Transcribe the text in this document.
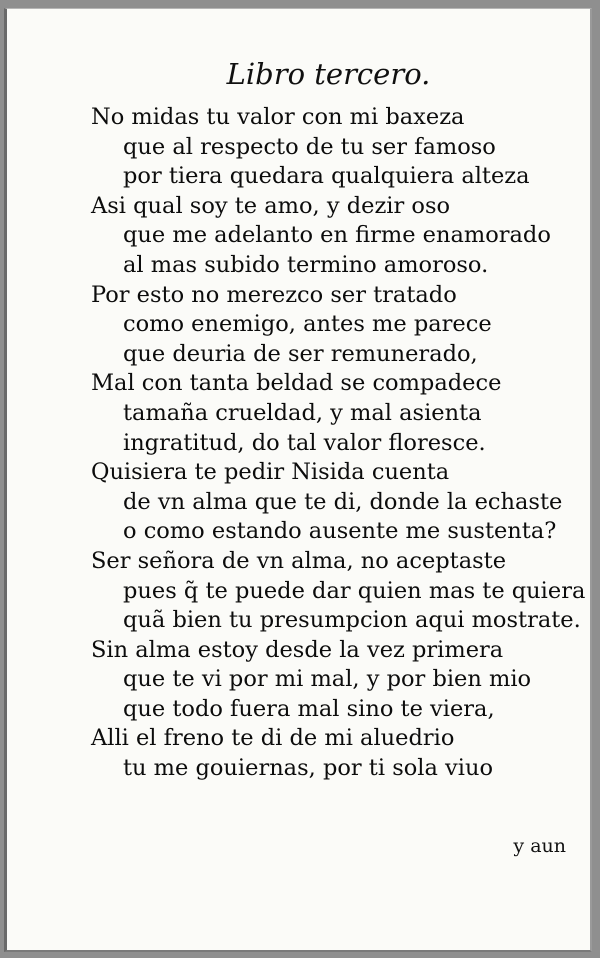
Libro tercero.
No midas tu valor con mi baxeza
que al respecto de tu ser famoso
por tiera quedara qualquiera alteza
Asi qual soy te amo, y dezir oso
que me adelanto en firme enamorado
al mas subido termino amoroso.
Por esto no merezco ser tratado
como enemigo, antes me parece
que deuria de ser remunerado,
Mal con tanta beldad se compadece
tamaña crueldad, y mal asienta
ingratitud, do tal valor floresce.
Quisiera te pedir Nisida cuenta
de vn alma que te di, donde la echaste
o como estando ausente me sustenta?
Ser señora de vn alma, no aceptaste
pues q̃ te puede dar quien mas te quiera
quã bien tu presumpcion aqui mostrate.
Sin alma estoy desde la vez primera
que te vi por mi mal, y por bien mio
que todo fuera mal sino te viera,
Alli el freno te di de mi aluedrio
tu me gouiernas, por ti sola viuo
y aun
